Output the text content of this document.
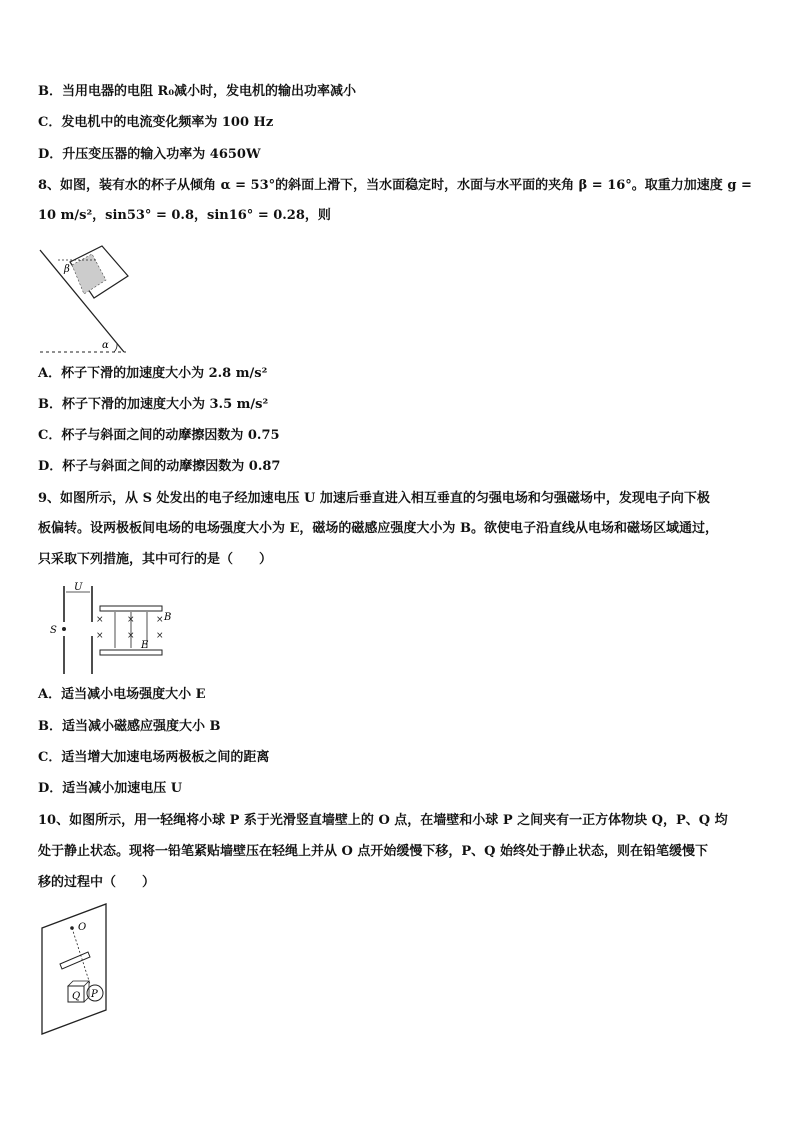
B．当用电器的电阻 R₀减小时，发电机的输出功率减小
C．发电机中的电流变化频率为 100 Hz
D．升压变压器的输入功率为 4650W
8、如图，装有水的杯子从倾角 α = 53°的斜面上滑下，当水面稳定时，水面与水平面的夹角 β = 16°。取重力加速度 g =
10 m/s²，sin53° = 0.8，sin16° = 0.28，则
α
β
A．杯子下滑的加速度大小为 2.8 m/s²
B．杯子下滑的加速度大小为 3.5 m/s²
C．杯子与斜面之间的动摩擦因数为 0.75
D．杯子与斜面之间的动摩擦因数为 0.87
9、如图所示，从 S 处发出的电子经加速电压 U 加速后垂直进入相互垂直的匀强电场和匀强磁场中，发现电子向下极
板偏转。设两极板间电场的电场强度大小为 E，磁场的磁感应强度大小为 B。欲使电子沿直线从电场和磁场区域通过，
只采取下列措施，其中可行的是（　　）
U
S
×	×
×	×
×
×
B
E
A．适当减小电场强度大小 E
B．适当减小磁感应强度大小 B
C．适当增大加速电场两极板之间的距离
D．适当减小加速电压 U
10、如图所示，用一轻绳将小球 P 系于光滑竖直墙壁上的 O 点，在墙壁和小球 P 之间夹有一正方体物块 Q，P、Q 均
处于静止状态。现将一铅笔紧贴墙壁压在轻绳上并从 O 点开始缓慢下移，P、Q 始终处于静止状态，则在铅笔缓慢下
移的过程中（　　）
O
Q P
